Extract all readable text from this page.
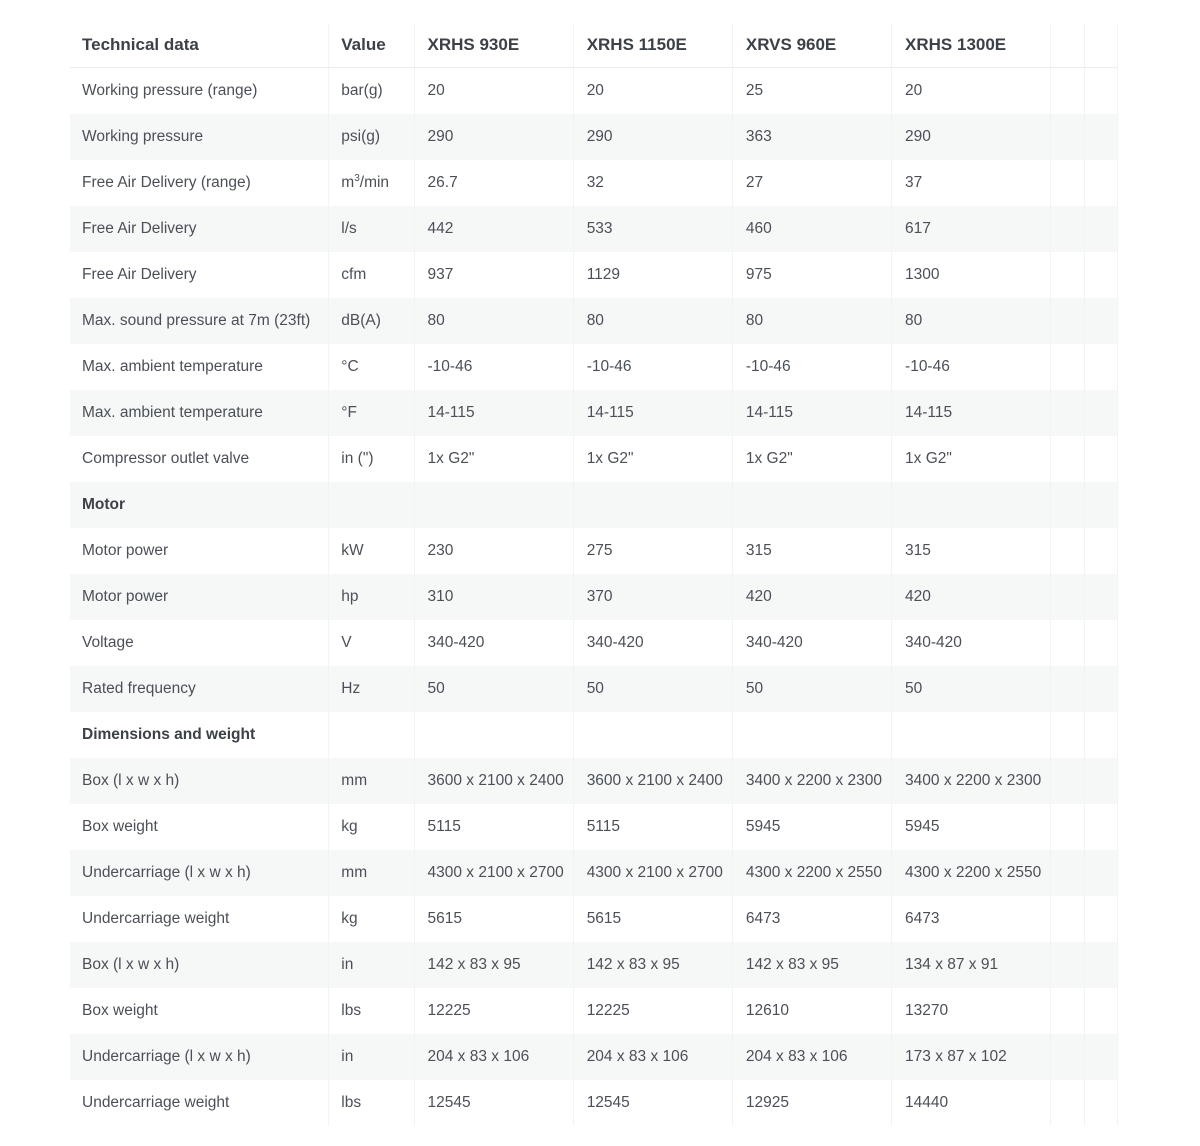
Technical data	Value	XRHS 930E	XRHS 1150E	XRVS 960E	XRHS 1300E		
Working pressure (range)	bar(g)	20	20	25	20		
Working pressure	psi(g)	290	290	363	290		
Free Air Delivery (range)	$m^3/\min$	26.7	32	27	37		
Free Air Delivery	l/s	442	533	460	617		
Free Air Delivery	cfm	937	1129	975	1300		
Max. sound pressure at 7m (23ft)	dB(A)	80	80	80	80		
Max. ambient temperature	°C	-10-46	-10-46	-10-46	-10-46		
Max. ambient temperature	°F	14-115	14-115	14-115	14-115		
Compressor outlet valve	in (")	1x G2"	1x G2"	1x G2"	1x G2"		
Motor							
Motor power	kW	230	275	315	315		
Motor power	hp	310	370	420	420		
Voltage	V	340-420	340-420	340-420	340-420		
Rated frequency	Hz	50	50	50	50		
Dimensions and weight							
Box (l x w x h)	mm	3600 x 2100 x 2400	3600 x 2100 x 2400	3400 x 2200 x 2300	3400 x 2200 x 2300		
Box weight	kg	5115	5115	5945	5945		
Undercarriage (l x w x h)	mm	4300 x 2100 x 2700	4300 x 2100 x 2700	4300 x 2200 x 2550	4300 x 2200 x 2550		
Undercarriage weight	kg	5615	5615	6473	6473		
Box (l x w x h)	in	142 x 83 x 95	142 x 83 x 95	142 x 83 x 95	134 x 87 x 91		
Box weight	lbs	12225	12225	12610	13270		
Undercarriage (l x w x h)	in	204 x 83 x 106	204 x 83 x 106	204 x 83 x 106	173 x 87 x 102		
Undercarriage weight	lbs	12545	12545	12925	14440		
